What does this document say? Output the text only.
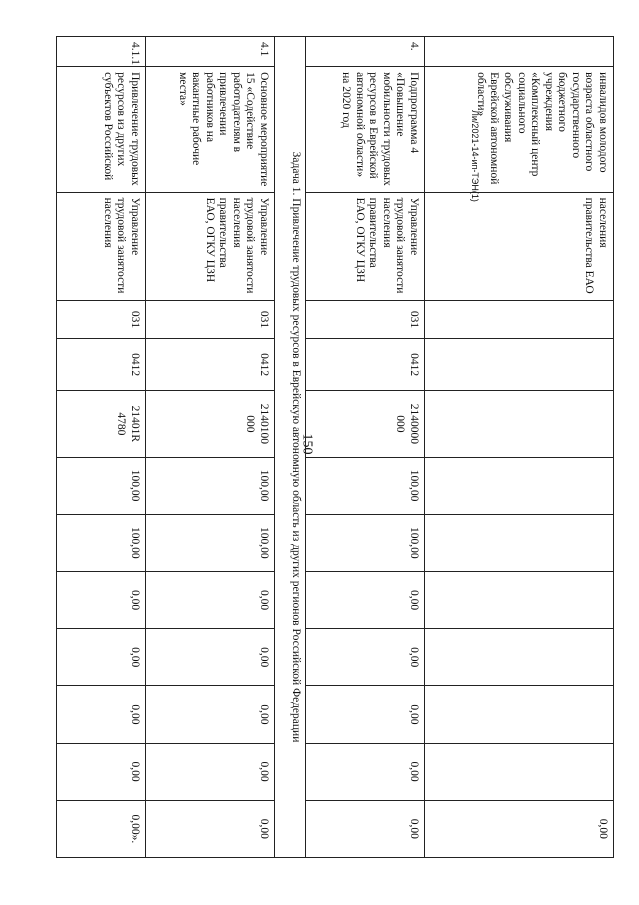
150
Ли/2021-14-ип-ТЭН(1)
		инвалидов молодого возраста областного государственного бюджетного учреждения «Комплексный центр социального обслуживания Еврейской автономной области»	населения правительства ЕАО										0,00
4.	Подпрограмма 4 «Повышение мобильности трудовых ресурсов в Еврейской автономной области» на 2020 год	Управление трудовой занятости населения правительства ЕАО, ОГКУ ЦЗН	031	0412	2140000 000	100,00	100,00	0,00	0,00	0,00	0,00	0,00
Задача 1. Привлечение трудовых ресурсов в Еврейскую автономную область из других регионов Российской Федерации												
4.1	Основное мероприятие 15 «Содействие работодателям в привлечении работников на вакантные рабочие места»	Управление трудовой занятости населения правительства ЕАО, ОГКУ ЦЗН	031	0412	2140100 000	100,00	100,00	0,00	0,00	0,00	0,00	0,00
4.1.1	Привлечение трудовых ресурсов из других субъектов Российской	Управление трудовой занятости населения	031	0412	21401R 4780	100,00	100,00	0,00	0,00	0,00	0,00	0,00».
